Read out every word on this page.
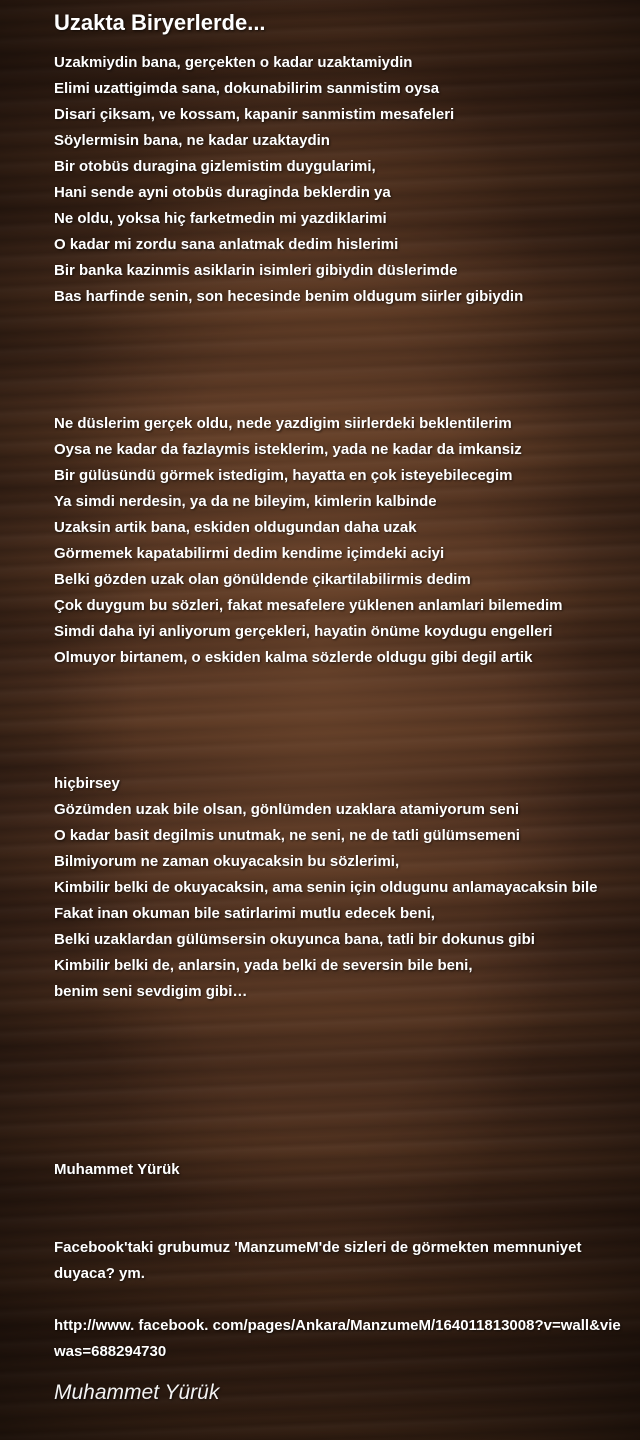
Uzakta Biryerlerde...
Uzakmiydin bana, gerçekten o kadar uzaktamiydin
Elimi uzattigimda sana, dokunabilirim sanmistim oysa
Disari çiksam, ve kossam, kapanir sanmistim mesafeleri
Söylermisin bana, ne kadar uzaktaydin
Bir otobüs duragina gizlemistim duygularimi,
Hani sende ayni otobüs duraginda beklerdin ya
Ne oldu, yoksa hiç farketmedin mi yazdiklarimi
O kadar mi zordu sana anlatmak dedim hislerimi
Bir banka kazinmis asiklarin isimleri gibiydin düslerimde
Bas harfinde senin, son hecesinde benim oldugum siirler gibiydin
Ne düslerim gerçek oldu, nede yazdigim siirlerdeki beklentilerim
Oysa ne kadar da fazlaymis isteklerim, yada ne kadar da imkansiz
Bir gülüsündü görmek istedigim, hayatta en çok isteyebilecegim
Ya simdi nerdesin, ya da ne bileyim, kimlerin kalbinde
Uzaksin artik bana, eskiden oldugundan daha uzak
Görmemek kapatabilirmi dedim kendime içimdeki aciyi
Belki gözden uzak olan gönüldende çikartilabilirmis dedim
Çok duygum bu sözleri, fakat mesafelere yüklenen anlamlari bilemedim
Simdi daha iyi anliyorum gerçekleri, hayatin önüme koydugu engelleri
Olmuyor birtanem, o eskiden kalma sözlerde oldugu gibi degil artik
hiçbirsey
Gözümden uzak bile olsan, gönlümden uzaklara atamiyorum seni
O kadar basit degilmis unutmak, ne seni, ne de tatli gülümsemeni
Bilmiyorum ne zaman okuyacaksin bu sözlerimi,
Kimbilir belki de okuyacaksin, ama senin için oldugunu anlamayacaksin bile
Fakat inan okuman bile satirlarimi mutlu edecek beni,
Belki uzaklardan gülümsersin okuyunca bana, tatli bir dokunus gibi
Kimbilir belki de, anlarsin, yada belki de seversin bile beni,
benim seni sevdigim gibi…
Muhammet Yürük
Facebook'taki grubumuz 'ManzumeM'de sizleri de görmekten memnuniyet duyaca? ym.
http://www. facebook. com/pages/Ankara/ManzumeM/164011813008?v=wall&viewas=688294730
Muhammet Yürük
